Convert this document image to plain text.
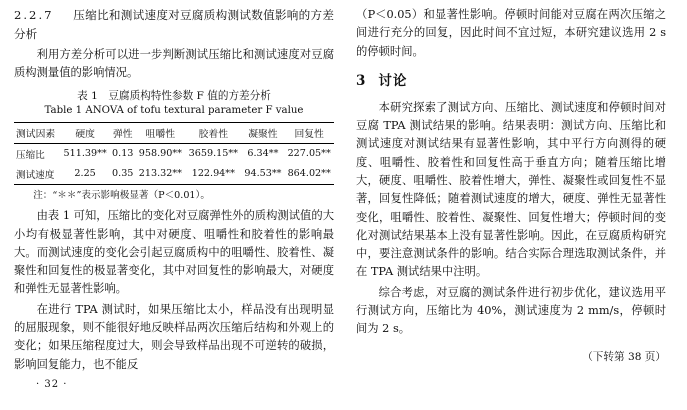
2.2.7 压缩比和测试速度对豆腐质构测试数值影响的方差分析

利用方差分析可以进一步判断测试压缩比和测试速度对豆腐质构测量值的影响情况。

表 1　豆腐质构特性参数 F 值的方差分析

Table 1 ANOVA of tofu textural parameter F value

测试因素	硬度	弹性	咀嚼性	胶着性	凝聚性	回复性
压缩比	511.39**	0.13	958.90**	3659.15**	6.34**	227.05**
测试速度	2.25	0.35	213.32**	122.94**	94.53**	864.02**

注：“＊＊”表示影响极显著（P＜0.01）。

由表 1 可知，压缩比的变化对豆腐弹性外的质构测试值的大小均有极显著性影响，其中对硬度、咀嚼性和胶着性的影响最大。而测试速度的变化会引起豆腐质构中的咀嚼性、胶着性、凝聚性和回复性的极显著变化，其中对回复性的影响最大，对硬度和弹性无显著性影响。

在进行 TPA 测试时，如果压缩比太小，样品没有出现明显的屈服现象，则不能很好地反映样品两次压缩后结构和外观上的变化；如果压缩程度过大，则会导致样品出现不可逆转的破损，影响回复能力，也不能反

· 32 ·

（P＜0.05）和显著性影响。停顿时间能对豆腐在两次压缩之间进行充分的回复，因此时间不宜过短，本研究建议选用 2 s 的停顿时间。

3 讨论

本研究探索了测试方向、压缩比、测试速度和停顿时间对豆腐 TPA 测试结果的影响。结果表明：测试方向、压缩比和测试速度对测试结果有显著性影响，其中平行方向测得的硬度、咀嚼性、胶着性和回复性高于垂直方向；随着压缩比增大，硬度、咀嚼性、胶着性增大，弹性、凝聚性或回复性不显著，回复性降低；随着测试速度的增大，硬度、弹性无显著性变化，咀嚼性、胶着性、凝聚性、回复性增大；停顿时间的变化对测试结果基本上没有显著性影响。因此，在豆腐质构研究中，要注意测试条件的影响。结合实际合理选取测试条件，并在 TPA 测试结果中注明。

综合考虑，对豆腐的测试条件进行初步优化，建议选用平行测试方向，压缩比为 40%，测试速度为 2 mm/s，停顿时间为 2 s。

（下转第 38 页）
